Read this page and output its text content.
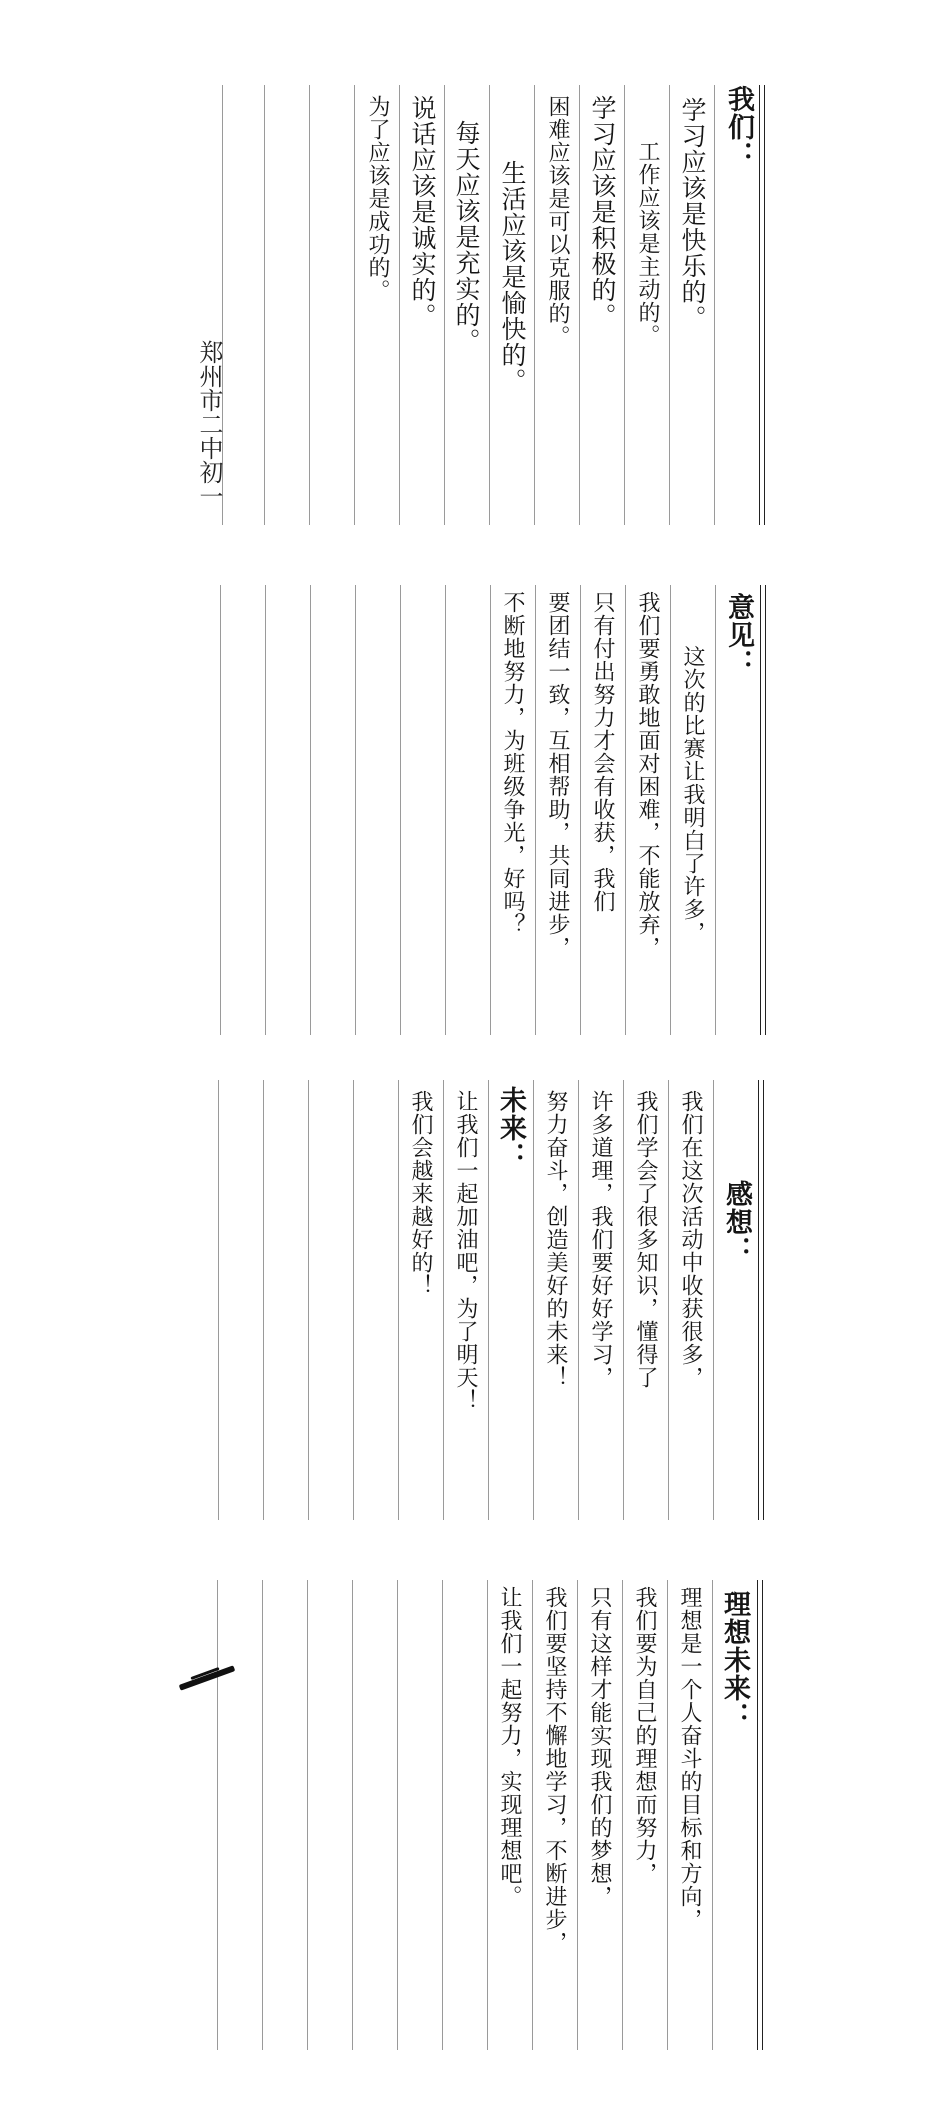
我们：
学习应该是快乐的。
工作应该是主动的。
学习应该是积极的。
困难应该是可以克服的。
生活应该是愉快的。
每天应该是充实的。
说话应该是诚实的。
为了应该是成功的。
郑州市二中初一
意见：
这次的比赛让我明白了许多，
我们要勇敢地面对困难，不能放弃，
只有付出努力才会有收获，我们
要团结一致，互相帮助，共同进步，
不断地努力，为班级争光，好吗？
感想：
我们在这次活动中收获很多，
我们学会了很多知识，懂得了
许多道理，我们要好好学习，
努力奋斗，创造美好的未来！
未来：
让我们一起加油吧，为了明天！
我们会越来越好的！
理想未来：
理想是一个人奋斗的目标和方向，
我们要为自己的理想而努力，
只有这样才能实现我们的梦想，
我们要坚持不懈地学习，不断进步，
让我们一起努力，实现理想吧。
